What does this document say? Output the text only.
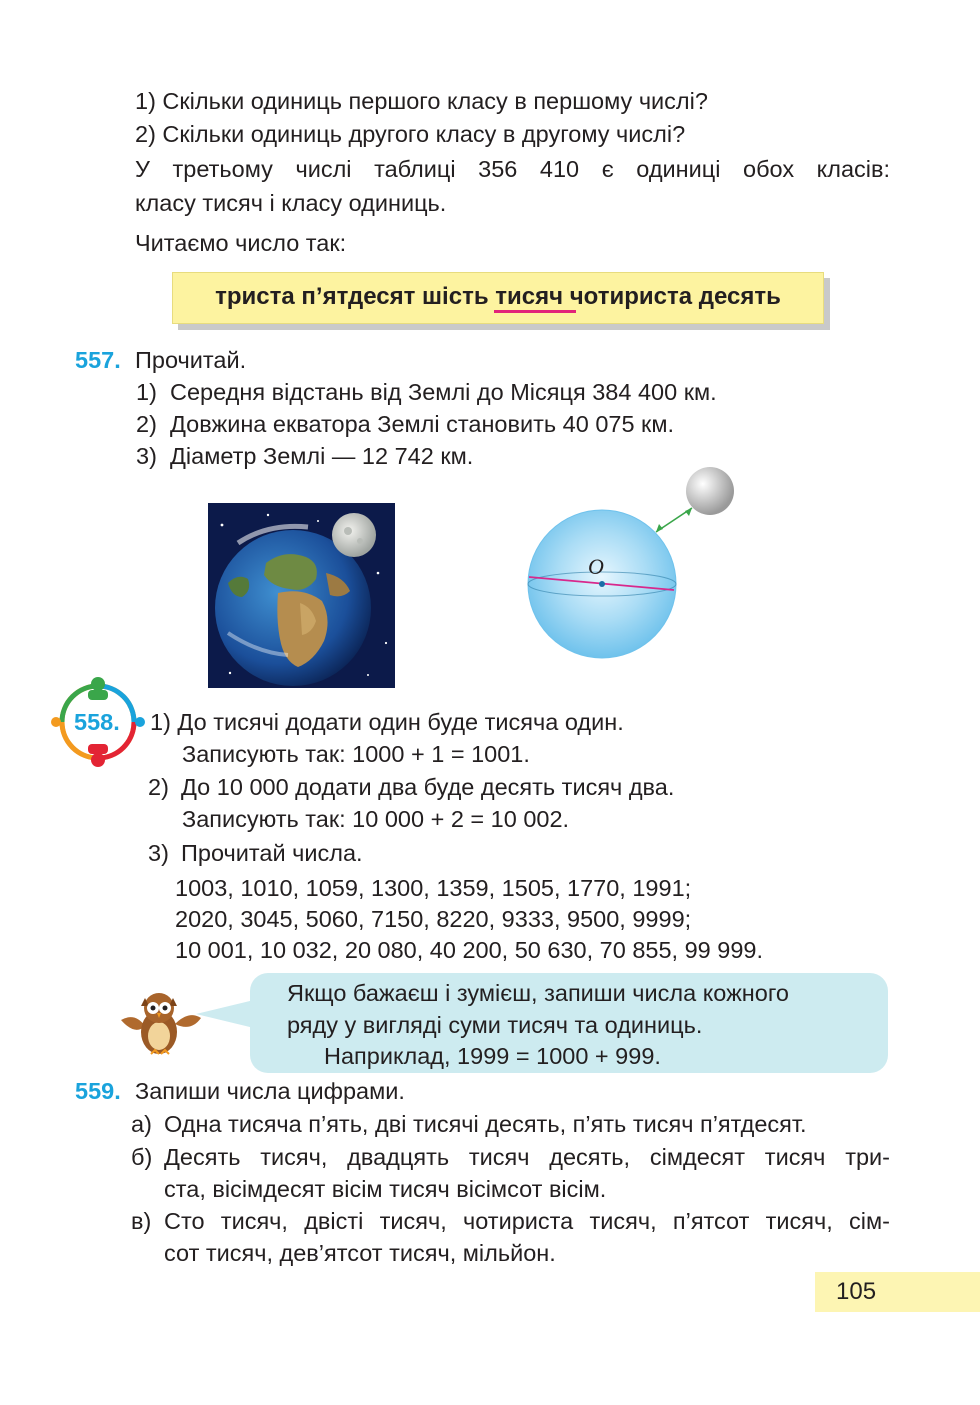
1) Скільки одиниць першого класу в першому числі?
2) Скільки одиниць другого класу в другому числі?
У третьому числі таблиці 356 410 є одиниці обох класів:
класу тисяч і класу одиниць.
Читаємо число так:
триста п’ятдесят шість тисяч чотириста десять
557. Прочитай.
1) Середня відстань від Землі до Місяця 384 400 км.
2) Довжина екватора Землі становить 40 075 км.
3) Діаметр Землі — 12 742 км.
O
558. 1) До тисячі додати один буде тисяча один.
Записують так: 1000 + 1 = 1001.
2) До 10 000 додати два буде десять тисяч два.
Записують так: 10 000 + 2 = 10 002.
3) Прочитай числа.
1003, 1010, 1059, 1300, 1359, 1505, 1770, 1991;
2020, 3045, 5060, 7150, 8220, 9333, 9500, 9999;
10 001, 10 032, 20 080, 40 200, 50 630, 70 855, 99 999.
Якщо бажаєш і зумієш, запиши числа кожного
ряду у вигляді суми тисяч та одиниць.
Наприклад, 1999 = 1000 + 999.
559. Запиши числа цифрами.
а) Одна тисяча п’ять, дві тисячі десять, п’ять тисяч п’ятдесят.
б) Десять тисяч, двадцять тисяч десять, сімдесят тисяч три-
ста, вісімдесят вісім тисяч вісімсот вісім.
в) Сто тисяч, двісті тисяч, чотириста тисяч, п’ятсот тисяч, сім-
сот тисяч, дев’ятсот тисяч, мільйон.
105
